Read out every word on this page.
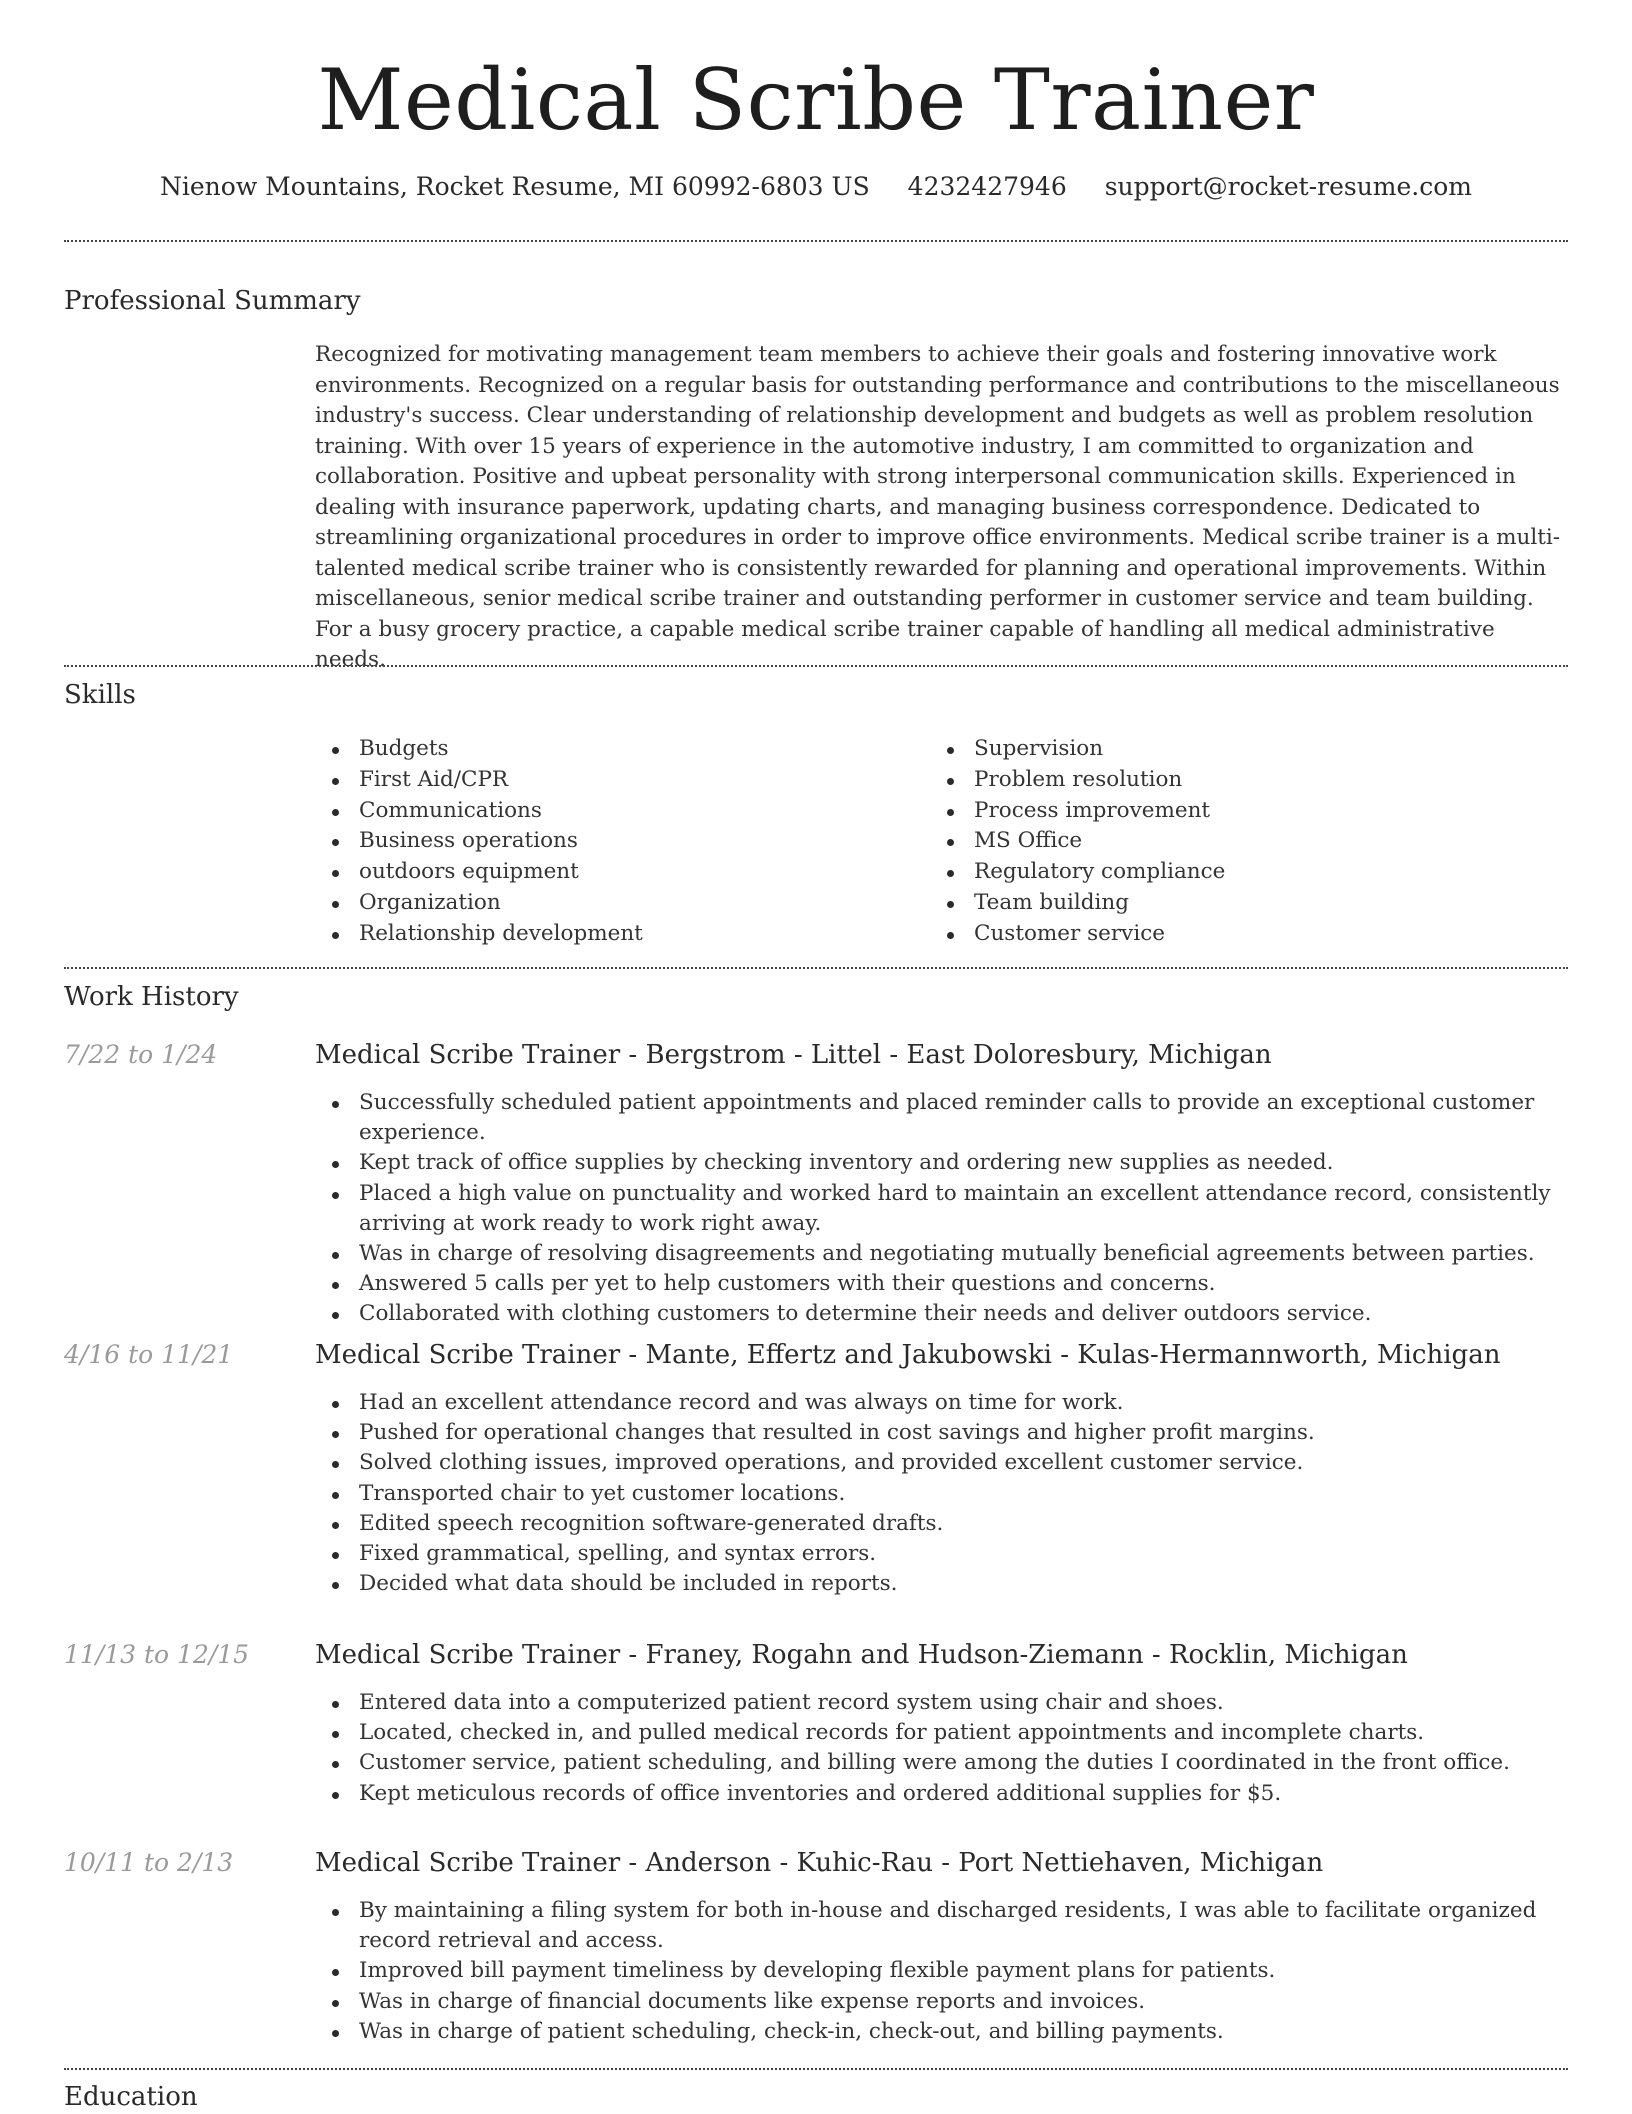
Medical Scribe Trainer
Nienow Mountains, Rocket Resume, MI 60992-6803 US 4232427946 support@rocket-resume.com
Professional Summary
Recognized for motivating management team members to achieve their goals and fostering innovative work environments. Recognized on a regular basis for outstanding performance and contributions to the miscellaneous industry's success. Clear understanding of relationship development and budgets as well as problem resolution training. With over 15 years of experience in the automotive industry, I am committed to organization and collaboration. Positive and upbeat personality with strong interpersonal communication skills. Experienced in dealing with insurance paperwork, updating charts, and managing business correspondence. Dedicated to streamlining organizational procedures in order to improve office environments. Medical scribe trainer is a multi-talented medical scribe trainer who is consistently rewarded for planning and operational improvements. Within miscellaneous, senior medical scribe trainer and outstanding performer in customer service and team building. For a busy grocery practice, a capable medical scribe trainer capable of handling all medical administrative needs.
Skills
Budgets
First Aid/CPR
Communications
Business operations
outdoors equipment
Organization
Relationship development
Supervision
Problem resolution
Process improvement
MS Office
Regulatory compliance
Team building
Customer service
Work History
7/22 to 1/24	Medical Scribe Trainer - Bergstrom - Littel - East Doloresbury, Michigan
Successfully scheduled patient appointments and placed reminder calls to provide an exceptional customer experience.
Kept track of office supplies by checking inventory and ordering new supplies as needed.
Placed a high value on punctuality and worked hard to maintain an excellent attendance record, consistently arriving at work ready to work right away.
Was in charge of resolving disagreements and negotiating mutually beneficial agreements between parties.
Answered 5 calls per yet to help customers with their questions and concerns.
Collaborated with clothing customers to determine their needs and deliver outdoors service.
4/16 to 11/21	Medical Scribe Trainer - Mante, Effertz and Jakubowski - Kulas-Hermannworth, Michigan
Had an excellent attendance record and was always on time for work.
Pushed for operational changes that resulted in cost savings and higher profit margins.
Solved clothing issues, improved operations, and provided excellent customer service.
Transported chair to yet customer locations.
Edited speech recognition software-generated drafts.
Fixed grammatical, spelling, and syntax errors.
Decided what data should be included in reports.
11/13 to 12/15	Medical Scribe Trainer - Franey, Rogahn and Hudson-Ziemann - Rocklin, Michigan
Entered data into a computerized patient record system using chair and shoes.
Located, checked in, and pulled medical records for patient appointments and incomplete charts.
Customer service, patient scheduling, and billing were among the duties I coordinated in the front office.
Kept meticulous records of office inventories and ordered additional supplies for $5.
10/11 to 2/13	Medical Scribe Trainer - Anderson - Kuhic-Rau - Port Nettiehaven, Michigan
By maintaining a filing system for both in-house and discharged residents, I was able to facilitate organized record retrieval and access.
Improved bill payment timeliness by developing flexible payment plans for patients.
Was in charge of financial documents like expense reports and invoices.
Was in charge of patient scheduling, check-in, check-out, and billing payments.
Education
